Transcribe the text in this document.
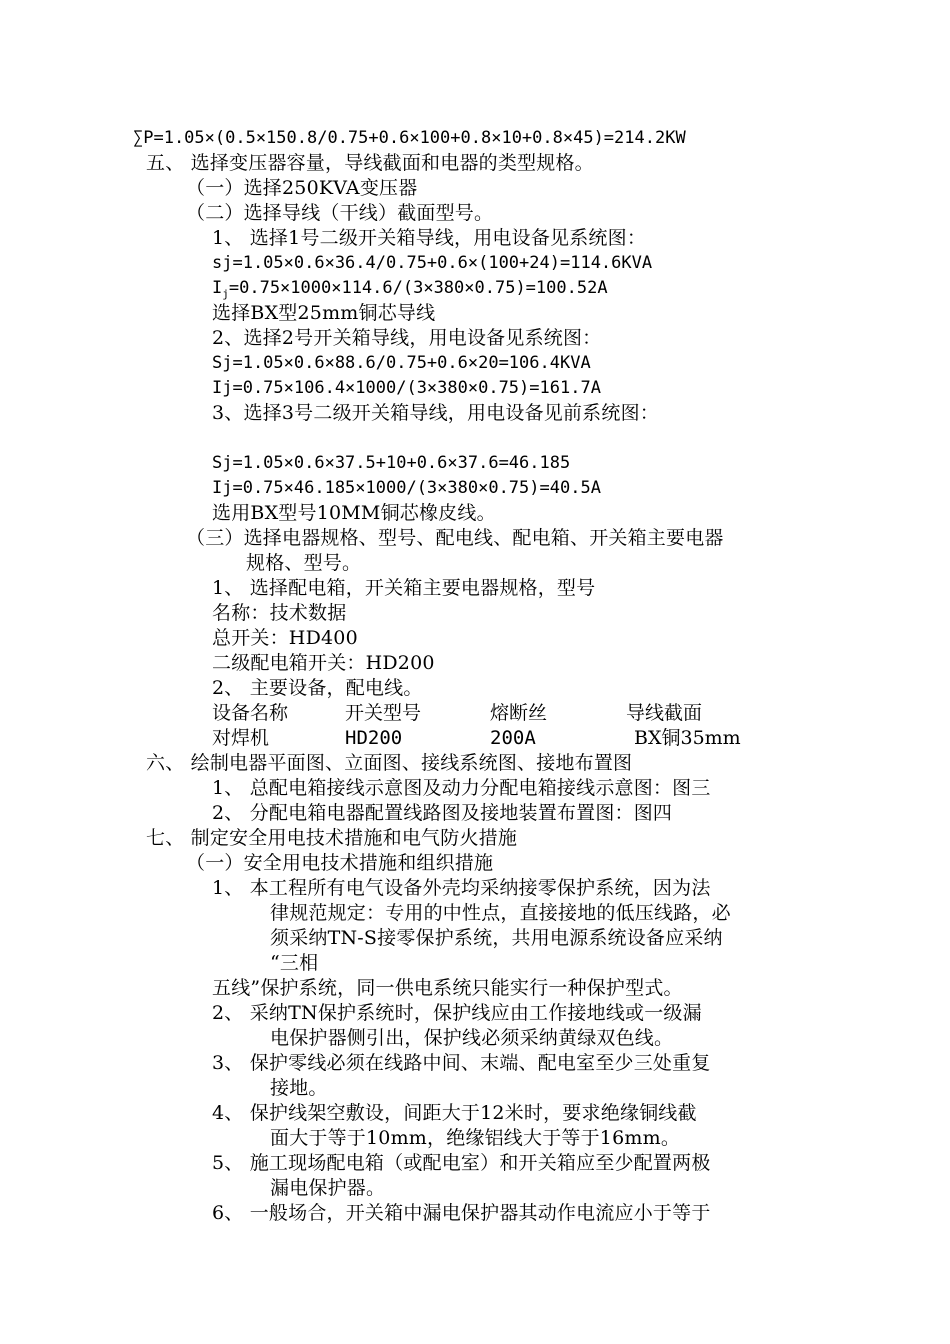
∑P=1.05×(0.5×150.8/0.75+0.6×100+0.8×10+0.8×45)=214.2KW
五、 选择变压器容量，导线截面和电器的类型规格。
（一）选择250KVA变压器
（二）选择导线（干线）截面型号。
1、 选择1号二级开关箱导线，用电设备见系统图：
sj=1.05×0.6×36.4/0.75+0.6×(100+24)=114.6KVA
$I_j=0.75\times 1000\times 114.6/(3\times 380\times 0.75)=100.52A$
选择BX型25mm铜芯导线
2、选择2号开关箱导线，用电设备见系统图：
Sj=1.05×0.6×88.6/0.75+0.6×20=106.4KVA
Ij=0.75×106.4×1000/(3×380×0.75)=161.7A
3、选择3号二级开关箱导线，用电设备见前系统图：
Sj=1.05×0.6×37.5+10+0.6×37.6=46.185
Ij=0.75×46.185×1000/(3×380×0.75)=40.5A
选用BX型号10MM铜芯橡皮线。
（三）选择电器规格、型号、配电线、配电箱、开关箱主要电器
规格、型号。
1、 选择配电箱，开关箱主要电器规格，型号
名称：技术数据
总开关：HD400
二级配电箱开关：HD200
2、 主要设备，配电线。
设备名称	开关型号	熔断丝	导线截面
对焊机	HD200	200A	BX铜35mm
六、 绘制电器平面图、立面图、接线系统图、接地布置图
1、 总配电箱接线示意图及动力分配电箱接线示意图：图三
2、 分配电箱电器配置线路图及接地装置布置图：图四
七、 制定安全用电技术措施和电气防火措施
（一）安全用电技术措施和组织措施
1、 本工程所有电气设备外壳均采纳接零保护系统，因为法
律规范规定：专用的中性点，直接接地的低压线路，必
须采纳TN-S接零保护系统，共用电源系统设备应采纳
“三相
五线”保护系统，同一供电系统只能实行一种保护型式。
2、 采纳TN保护系统时，保护线应由工作接地线或一级漏
电保护器侧引出，保护线必须采纳黄绿双色线。
3、 保护零线必须在线路中间、末端、配电室至少三处重复
接地。
4、 保护线架空敷设，间距大于12米时，要求绝缘铜线截
面大于等于10mm，绝缘铝线大于等于16mm。
5、 施工现场配电箱（或配电室）和开关箱应至少配置两极
漏电保护器。
6、 一般场合，开关箱中漏电保护器其动作电流应小于等于
